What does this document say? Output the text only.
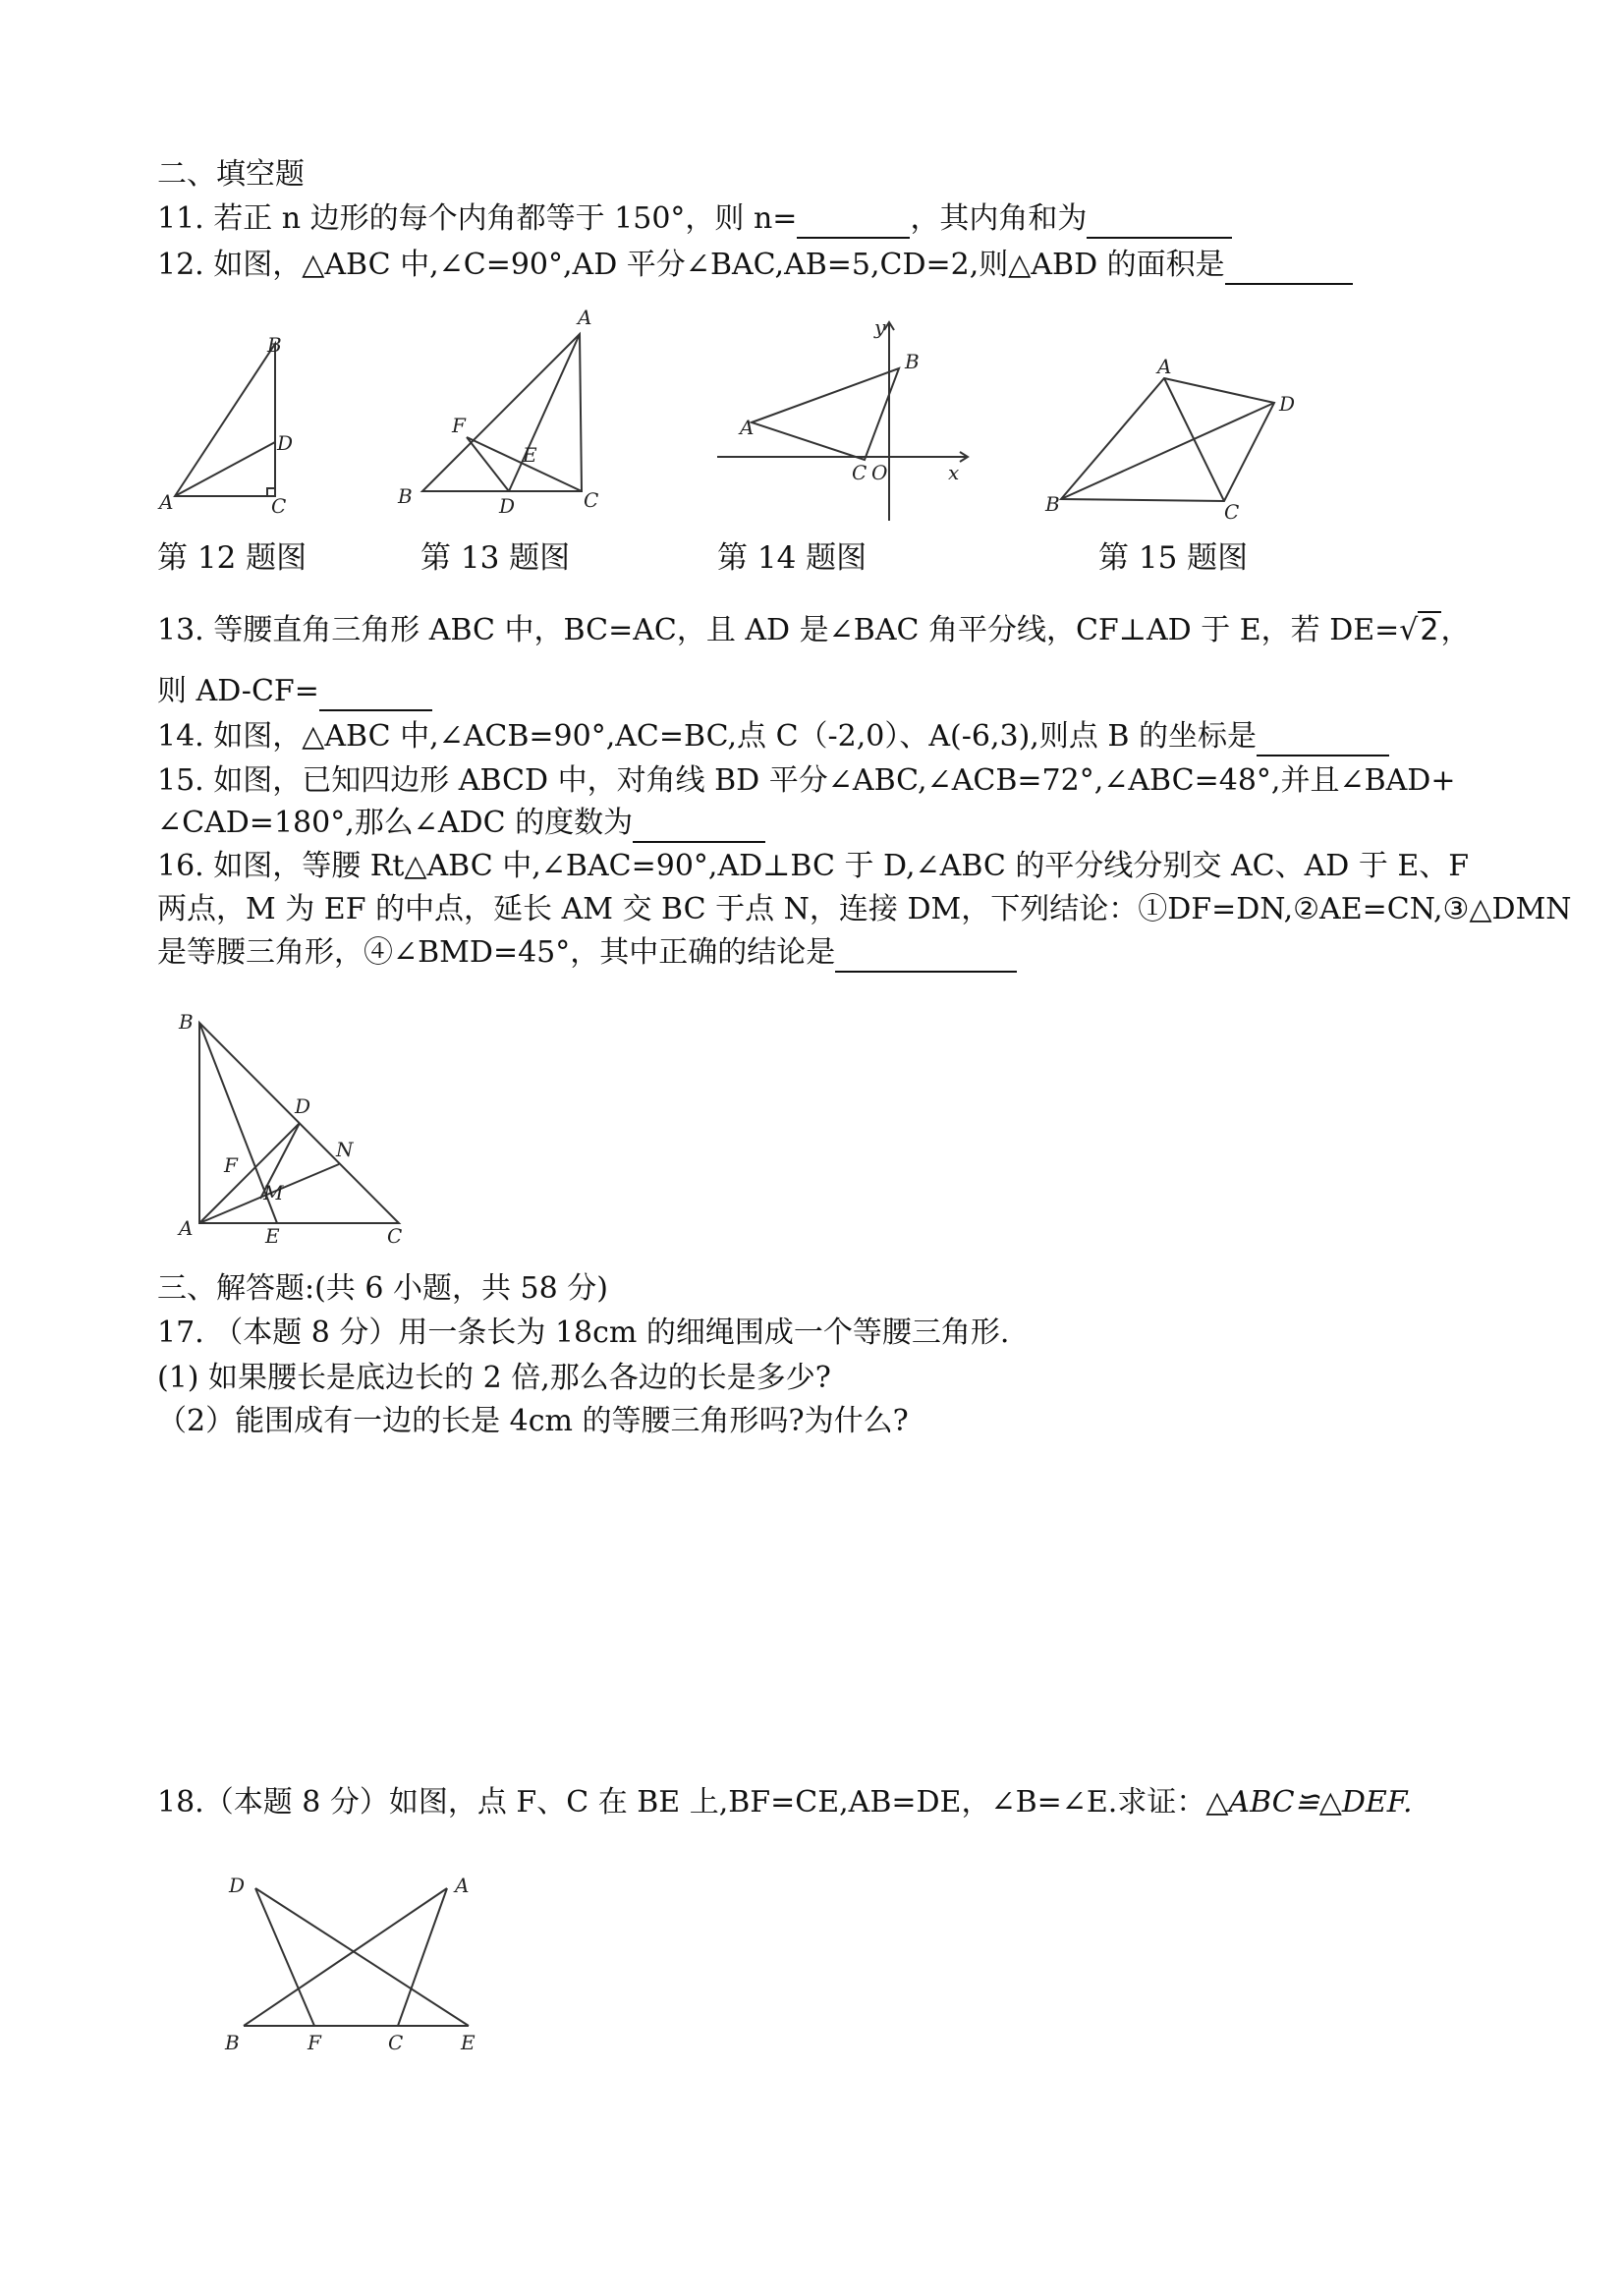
二、填空题
11. 若正 n 边形的每个内角都等于 150°，则 n=	，其内角和为
12. 如图，△ABC 中,∠C=90°,AD 平分∠BAC,AB=5,CD=2,则△ABD 的面积是
B
D
A	C
A
F
E
B	D	C
y
B
A
C O	x
A
D
B	C
第 12 题图	第 13 题图	第 14 题图	第 15 题图
13. 等腰直角三角形 ABC 中，BC=AC，且 AD 是∠BAC 角平分线，CF⊥AD 于 E，若 DE=√2，
则 AD-CF=
14. 如图，△ABC 中,∠ACB=90°,AC=BC,点 C（-2,0）、A(-6,3),则点 B 的坐标是
15. 如图，已知四边形 ABCD 中，对角线 BD 平分∠ABC,∠ACB=72°,∠ABC=48°,并且∠BAD+
∠CAD=180°,那么∠ADC 的度数为
16. 如图，等腰 Rt△ABC 中,∠BAC=90°,AD⊥BC 于 D,∠ABC 的平分线分别交 AC、AD 于 E、F
两点，M 为 EF 的中点，延长 AM 交 BC 于点 N，连接 DM，下列结论：①DF=DN,②AE=CN,③△DMN
是等腰三角形，④∠BMD=45°，其中正确的结论是
B
D
N
F
M
A	E	C
三、解答题:(共 6 小题，共 58 分)
17. （本题 8 分）用一条长为 18cm 的细绳围成一个等腰三角形.
(1) 如果腰长是底边长的 2 倍,那么各边的长是多少?
（2）能围成有一边的长是 4cm 的等腰三角形吗?为什么?
18.（本题 8 分）如图，点 F、C 在 BE 上,BF=CE,AB=DE，∠B=∠E.求证：△ABC≌△DEF.
D	A
B	F	C	E
